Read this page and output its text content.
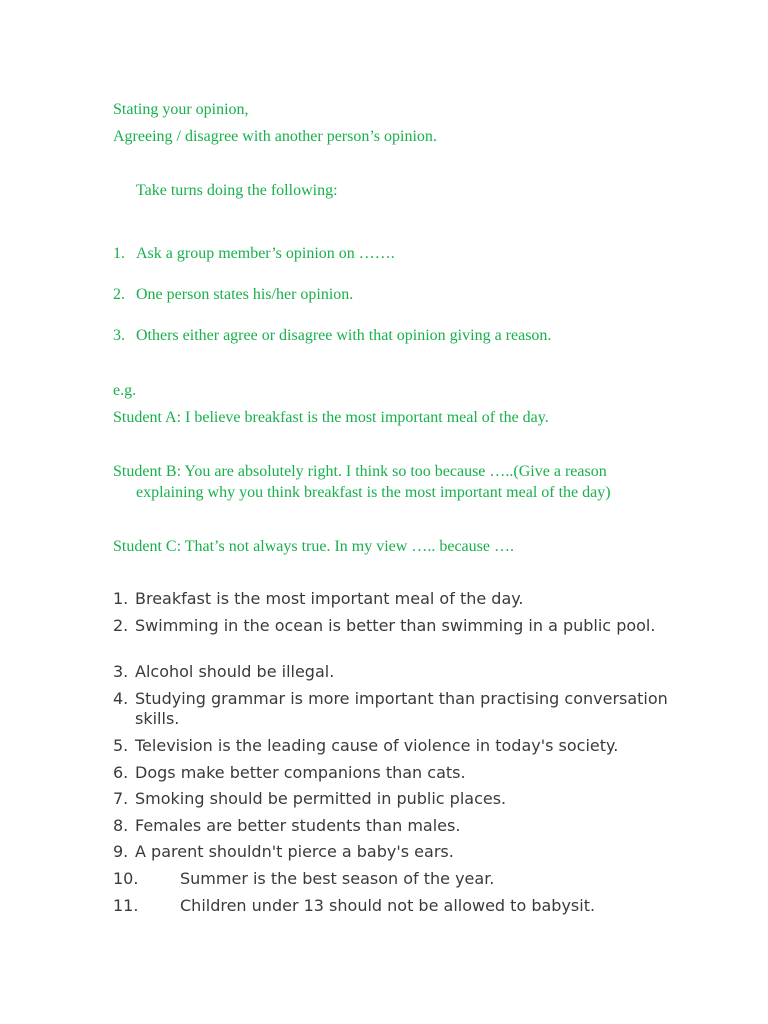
Stating your opinion,
Agreeing / disagree with another person’s opinion.
Take turns doing the following:
1. Ask a group member’s opinion on …….
2. One person states his/her opinion.
3. Others either agree or disagree with that opinion giving a reason.
e.g.
Student A: I believe breakfast is the most important meal of the day.
Student B: You are absolutely right. I think so too because …..(Give a reason
explaining why you think breakfast is the most important meal of the day)
Student C: That’s not always true. In my view ….. because ….
1. Breakfast is the most important meal of the day.
2. Swimming in the ocean is better than swimming in a public pool.
3. Alcohol should be illegal.
4. Studying grammar is more important than practising conversation skills.
5. Television is the leading cause of violence in today's society.
6. Dogs make better companions than cats.
7. Smoking should be permitted in public places.
8. Females are better students than males.
9. A parent shouldn't pierce a baby's ears.
10.	Summer is the best season of the year.
11.	Children under 13 should not be allowed to babysit.
